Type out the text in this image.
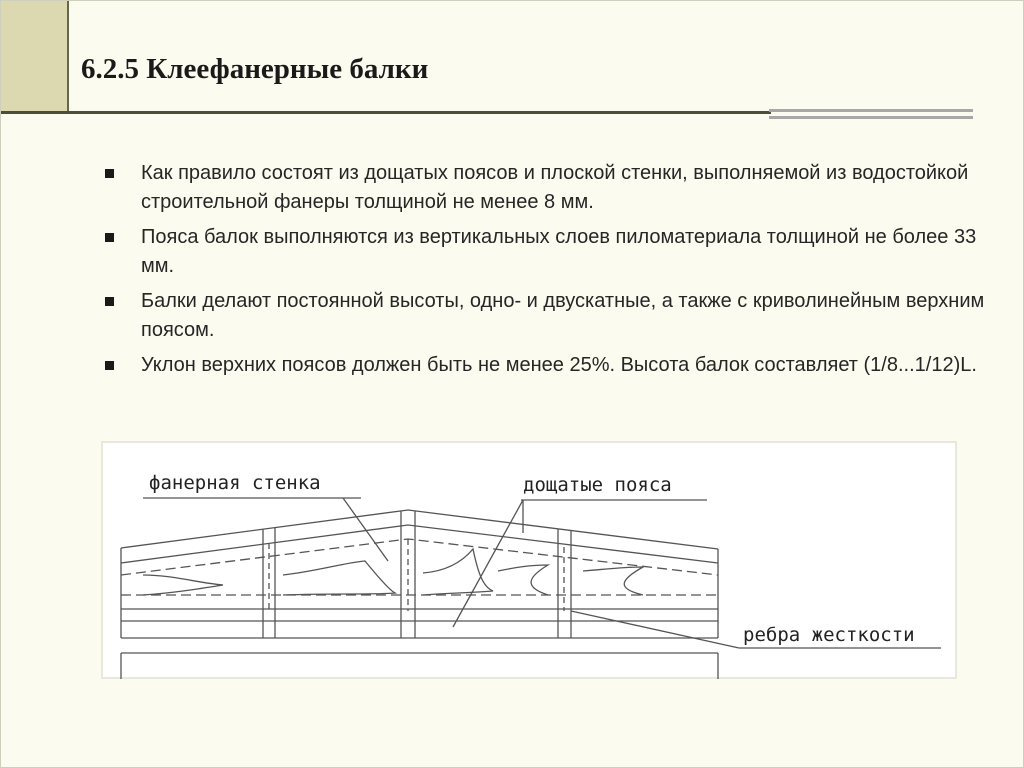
6.2.5 Клеефанерные балки
Как правило состоят из дощатых поясов и плоской стенки, выполняемой из водостойкой строительной фанеры толщиной не менее 8 мм.
Пояса балок выполняются из вертикальных слоев пиломатериала толщиной не более 33 мм.
Балки делают постоянной высоты, одно- и двускатные, а также с криволинейным верхним поясом.
Уклон верхних поясов должен быть не менее 25%. Высота балок составляет (1/8...1/12)L.
фанерная стенка	дощатые пояса
ребра жесткости
